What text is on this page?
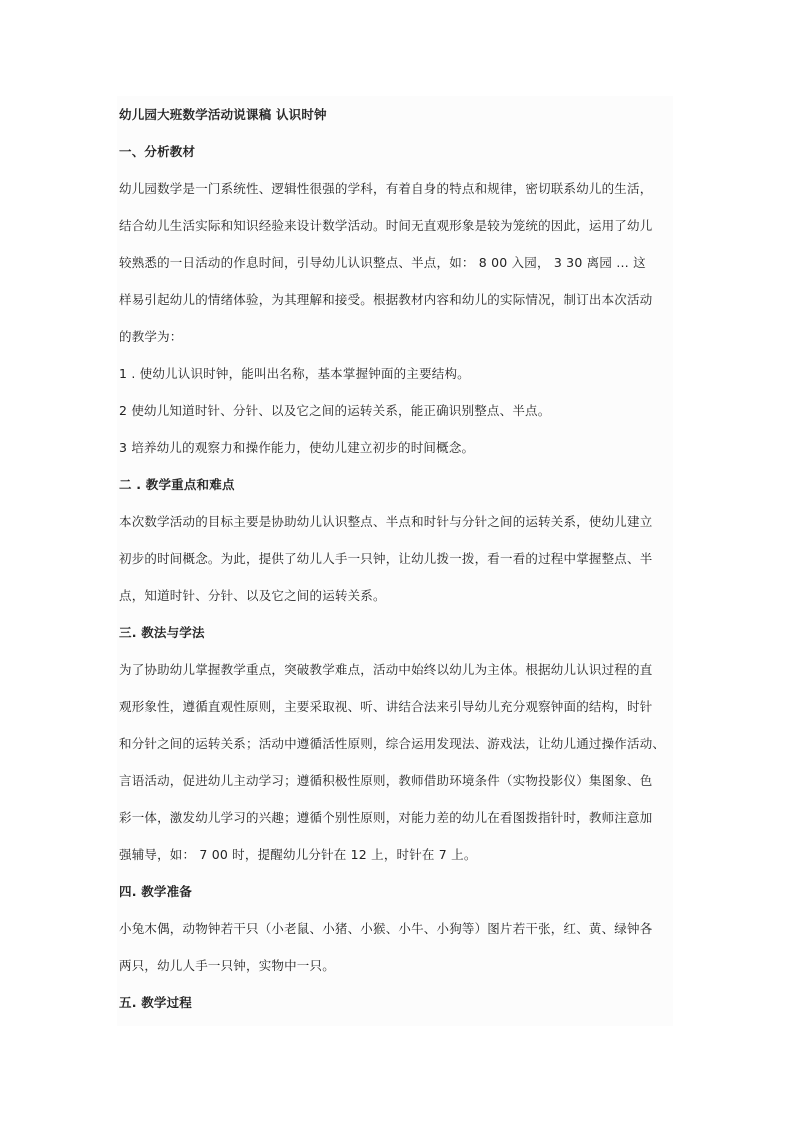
幼儿园大班数学活动说课稿 认识时钟
一、分析教材
幼儿园数学是一门系统性、逻辑性很强的学科，有着自身的特点和规律，密切联系幼儿的生活，
结合幼儿生活实际和知识经验来设计数学活动。时间无直观形象是较为笼统的因此，运用了幼儿
较熟悉的一日活动的作息时间，引导幼儿认识整点、半点，如： 8 00 入园， 3 30 离园 … 这
样易引起幼儿的情绪体验，为其理解和接受。根据教材内容和幼儿的实际情况，制订出本次活动
的教学为：
1 . 使幼儿认识时钟，能叫出名称，基本掌握钟面的主要结构。
2 使幼儿知道时针、分针、以及它之间的运转关系，能正确识别整点、半点。
3 培养幼儿的观察力和操作能力，使幼儿建立初步的时间概念。
二 . 教学重点和难点
本次数学活动的目标主要是协助幼儿认识整点、半点和时针与分针之间的运转关系，使幼儿建立
初步的时间概念。为此，提供了幼儿人手一只钟，让幼儿拨一拨，看一看的过程中掌握整点、半
点，知道时针、分针、以及它之间的运转关系。
三. 教法与学法
为了协助幼儿掌握教学重点，突破教学难点，活动中始终以幼儿为主体。根据幼儿认识过程的直
观形象性，遵循直观性原则，主要采取视、听、讲结合法来引导幼儿充分观察钟面的结构，时针
和分针之间的运转关系；活动中遵循活性原则，综合运用发现法、游戏法，让幼儿通过操作活动、
言语活动，促进幼儿主动学习；遵循积极性原则，教师借助环境条件（实物投影仪）集图象、色
彩一体，激发幼儿学习的兴趣；遵循个别性原则，对能力差的幼儿在看图拨指针时，教师注意加
强辅导，如： 7 00 时，提醒幼儿分针在 12 上，时针在 7 上。
四. 教学准备
小兔木偶，动物钟若干只（小老鼠、小猪、小猴、小牛、小狗等）图片若干张，红、黄、绿钟各
两只，幼儿人手一只钟，实物中一只。
五. 教学过程
